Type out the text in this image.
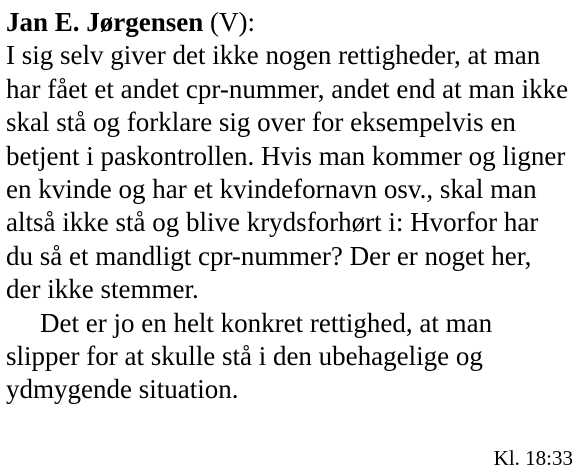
Jan E. Jørgensen (V):

I sig selv giver det ikke nogen rettigheder, at man har fået et andet cpr-nummer, andet end at man ikke skal stå og forklare sig over for eksempelvis en betjent i paskontrollen. Hvis man kommer og ligner en kvinde og har et kvindefornavn osv., skal man altså ikke stå og blive krydsforhørt i: Hvorfor har du så et mandligt cpr-nummer? Der er noget her, der ikke stemmer.

Det er jo en helt konkret rettighed, at man slipper for at skulle stå i den ubehagelige og ydmygende situation.

Kl. 18:33
